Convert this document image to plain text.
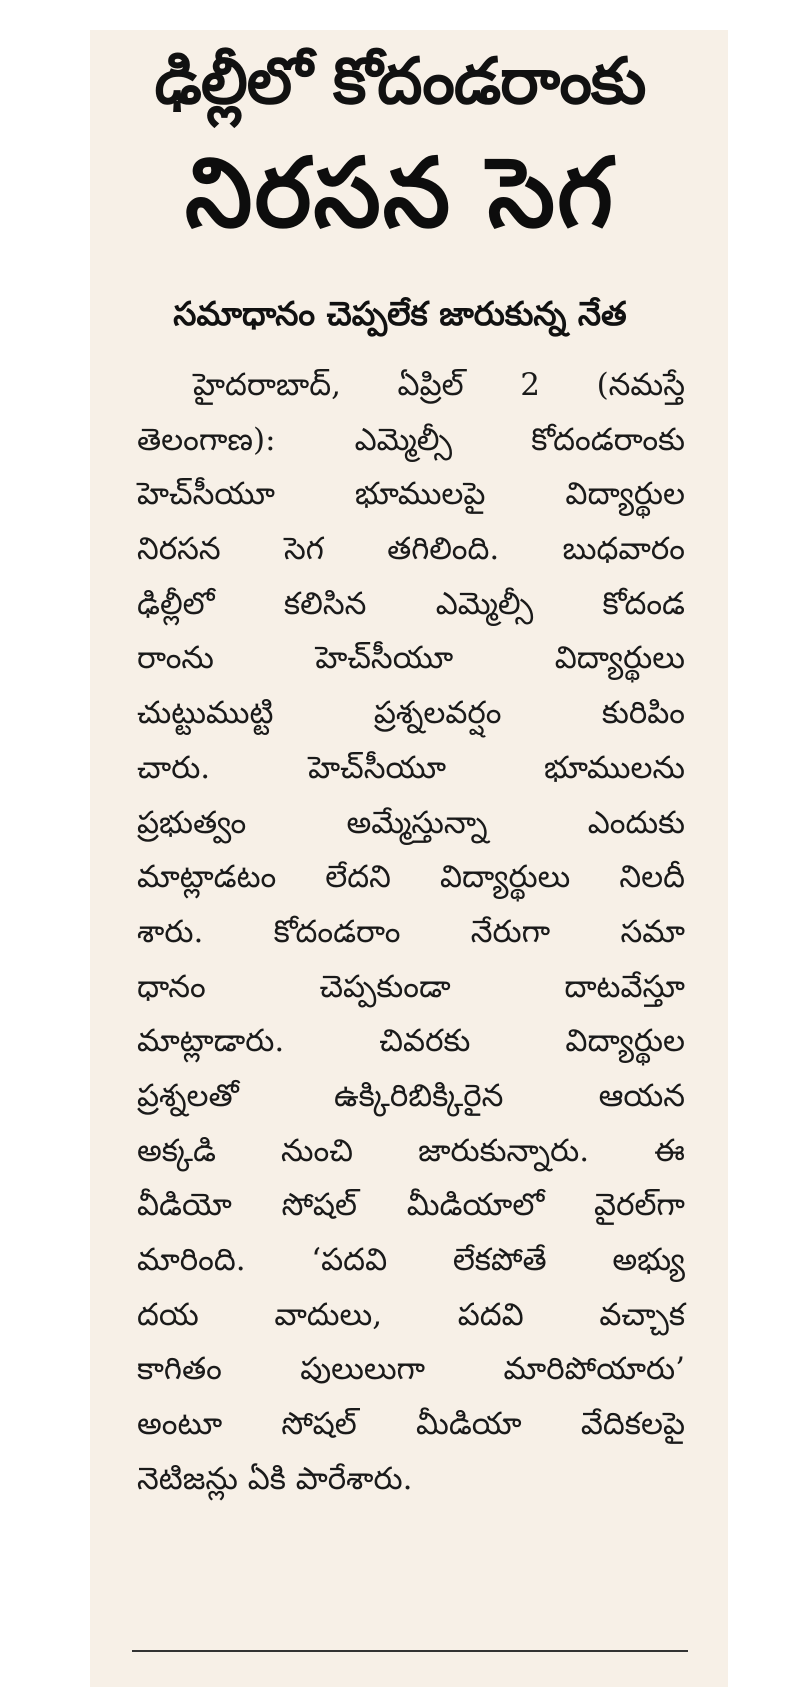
ఢిల్లీలో కోదండరాంకు
నిరసన సెగ
సమాధానం చెప్పలేక జారుకున్న నేత
హైదరాబాద్, ఏప్రిల్ 2 (నమస్తే
తెలంగాణ): ఎమ్మెల్సీ కోదండరాంకు
హెచ్‌సీయూ భూములపై విద్యార్థుల
నిరసన సెగ తగిలింది. బుధవారం
ఢిల్లీలో కలిసిన ఎమ్మెల్సీ కోదండ
రాంను హెచ్‌సీయూ విద్యార్థులు
చుట్టుముట్టి ప్రశ్నలవర్షం కురిపిం
చారు. హెచ్‌సీయూ భూములను
ప్రభుత్వం అమ్మేస్తున్నా ఎందుకు
మాట్లాడటం లేదని విద్యార్థులు నిలదీ
శారు. కోదండరాం నేరుగా సమా
ధానం చెప్పకుండా దాటవేస్తూ
మాట్లాడారు. చివరకు విద్యార్థుల
ప్రశ్నలతో ఉక్కిరిబిక్కిరైన ఆయన
అక్కడి నుంచి జారుకున్నారు. ఈ
వీడియో సోషల్ మీడియాలో వైరల్‌గా
మారింది. ‘పదవి లేకపోతే అభ్యు
దయ వాదులు, పదవి వచ్చాక
కాగితం పులులుగా మారిపోయారు’
అంటూ సోషల్ మీడియా వేదికలపై
నెటిజన్లు ఏకి పారేశారు.
